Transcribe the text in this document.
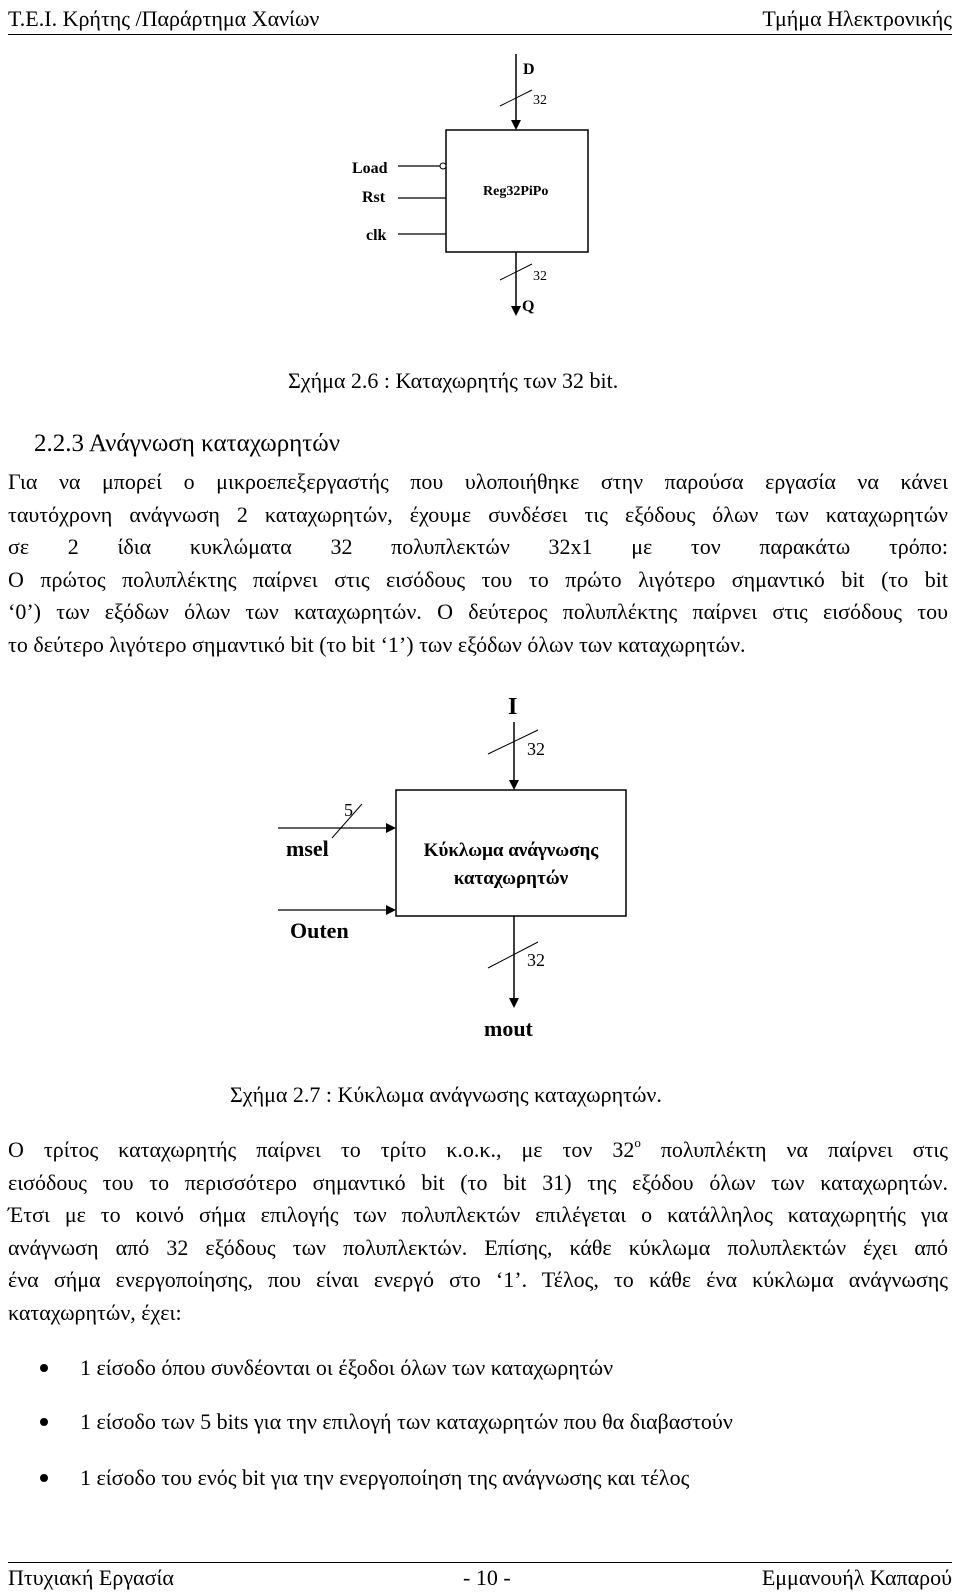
Τ.Ε.Ι. Κρήτης /Παράρτημα Χανίων	Τμήμα Ηλεκτρονικής
D
32
Reg32PiPo
Load
Rst
clk
32
Q
Σχήμα 2.6 : Καταχωρητής των 32 bit.
2.2.3 Ανάγνωση καταχωρητών
Για να μπορεί ο μικροεπεξεργαστής που υλοποιήθηκε στην παρούσα εργασία να κάνει
ταυτόχρονη ανάγνωση 2 καταχωρητών, έχουμε συνδέσει τις εξόδους όλων των καταχωρητών
σε 2 ίδια κυκλώματα 32 πολυπλεκτών 32x1 με τον παρακάτω τρόπο:
Ο πρώτος πολυπλέκτης παίρνει στις εισόδους του το πρώτο λιγότερο σημαντικό bit (το bit
‘0’) των εξόδων όλων των καταχωρητών. Ο δεύτερος πολυπλέκτης παίρνει στις εισόδους του
το δεύτερο λιγότερο σημαντικό bit (το bit ‘1’) των εξόδων όλων των καταχωρητών.
I
32
Κύκλωμα ανάγνωσης
καταχωρητών
5
msel
Outen
32
mout
Σχήμα 2.7 : Κύκλωμα ανάγνωσης καταχωρητών.
Ο τρίτος καταχωρητής παίρνει το τρίτο κ.ο.κ., με τον $32^o$ πολυπλέκτη να παίρνει στις
εισόδους του το περισσότερο σημαντικό bit (το bit 31) της εξόδου όλων των καταχωρητών.
Έτσι με το κοινό σήμα επιλογής των πολυπλεκτών επιλέγεται ο κατάλληλος καταχωρητής για
ανάγνωση από 32 εξόδους των πολυπλεκτών. Επίσης, κάθε κύκλωμα πολυπλεκτών έχει από
ένα σήμα ενεργοποίησης, που είναι ενεργό στο ‘1’. Τέλος, το κάθε ένα κύκλωμα ανάγνωσης
καταχωρητών, έχει:
1 είσοδο όπου συνδέονται οι έξοδοι όλων των καταχωρητών
1 είσοδο των 5 bits για την επιλογή των καταχωρητών που θα διαβαστούν
1 είσοδο του ενός bit για την ενεργοποίηση της ανάγνωσης και τέλος
Πτυχιακή Εργασία	- 10 -	Εμμανουήλ Καπαρού
